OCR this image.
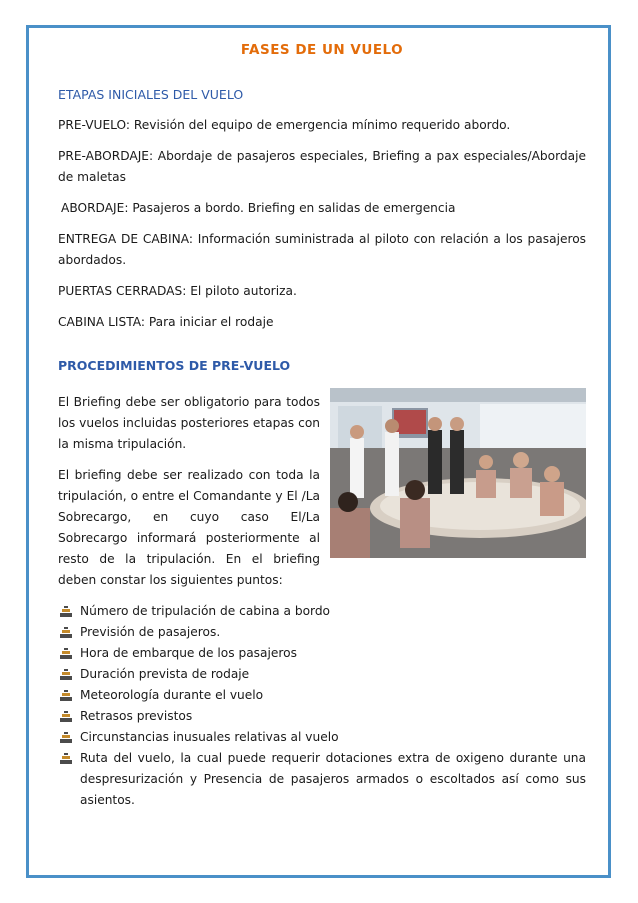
FASES DE UN VUELO
ETAPAS INICIALES DEL VUELO

PRE-VUELO: Revisión del equipo de emergencia mínimo requerido abordo.

PRE-ABORDAJE: Abordaje de pasajeros especiales, Briefing a pax especiales/Abordaje de maletas

ABORDAJE: Pasajeros a bordo. Briefing en salidas de emergencia

ENTREGA DE CABINA: Información suministrada al piloto con relación a los pasajeros abordados.

PUERTAS CERRADAS: El piloto autoriza.

CABINA LISTA: Para iniciar el rodaje

PROCEDIMIENTOS DE PRE-VUELO

El Briefing debe ser obligatorio para todos los vuelos incluidas posteriores etapas con la misma tripulación.

El briefing debe ser realizado con toda la tripulación, o entre el Comandante y El /La Sobrecargo, en cuyo caso El/La Sobrecargo informará posteriormente al resto de la tripulación. En el briefing deben constar los siguientes puntos:

Número de tripulación de cabina a bordo
Previsión de pasajeros.
Hora de embarque de los pasajeros
Duración prevista de rodaje
Meteorología durante el vuelo
Retrasos previstos
Circunstancias inusuales relativas al vuelo
Ruta del vuelo, la cual puede requerir dotaciones extra de oxigeno durante una despresurización y Presencia de pasajeros armados o escoltados así como sus asientos.
